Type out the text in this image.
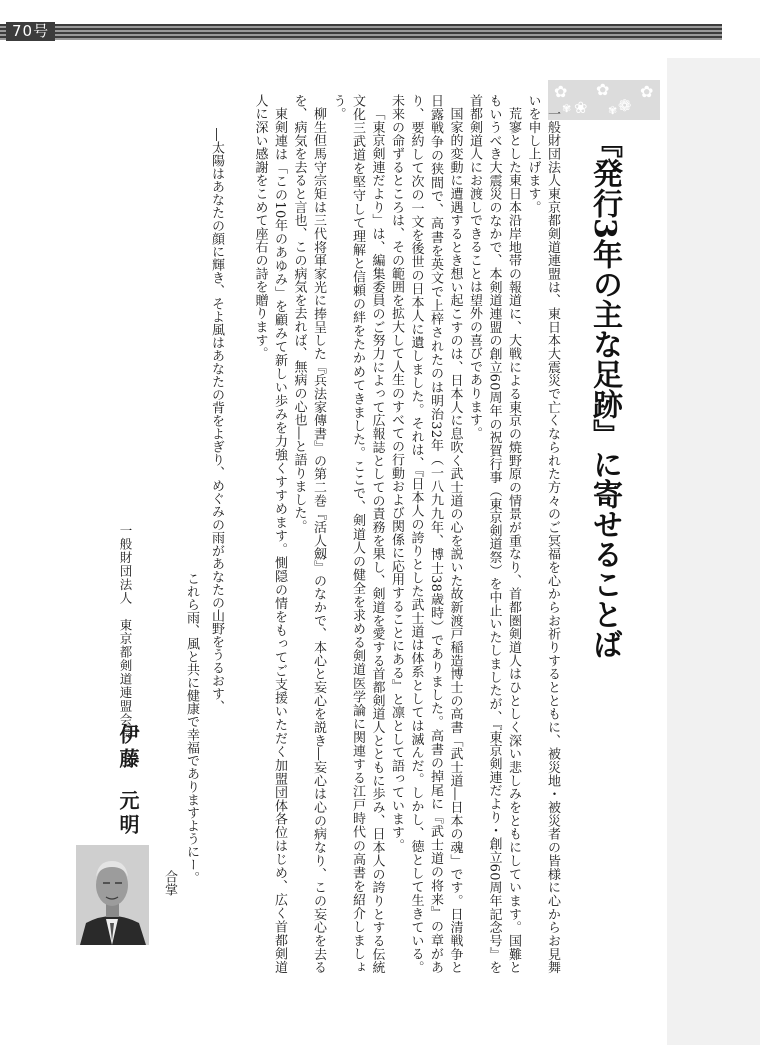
70号
✿
❀
✿
❁
✿
✾	✾
『発行3年の主な足跡』に寄せることば

一般財団法人東京都剣道連盟は、東日本大震災で亡くなられた方々のご冥福を心からお祈りするとともに、被災地・被災者の皆様に心からお見舞いを申し上げます。

荒寥とした東日本沿岸地帯の報道に、大戦による東京の焼野原の情景が重なり、首都圏剣道人はひとしく深い悲しみをともにしています。国難ともいうべき大震災のなかで、本剣道連盟の創立60周年の祝賀行事（東京剣道祭）を中止いたしましたが、『東京剣連だより・創立60周年記念号』を首都剣道人にお渡しできることは望外の喜びであります。

国家的変動に遭遇するとき想い起こすのは、日本人に息吹く武士道の心を説いた故新渡戸稲造博士の高書「武士道―日本の魂」です。日清戦争と日露戦争の狭間で、高書を英文で上梓されたのは明治32年（一八九九年、博士38歳時）でありました。高書の掉尾に『武士道の将来』の章があり、要約して次の一文を後世の日本人に遺しました。それは、『日本人の誇りとした武士道は体系としては滅んだ。しかし、徳として生きている。未来の命ずるところは、その範囲を拡大して人生のすべての行動および関係に応用することにある』と凛として語っています。

「東京剣連だより」は、編集委員のご努力によって広報誌としての責務を果し、剣道を愛する首都剣道人とともに歩み、日本人の誇りとする伝統文化三武道を堅守して理解と信頼の絆をたかめてきました。ここで、剣道人の健全を求める剣道医学論に関連する江戸時代の高書を紹介しましょう。

柳生但馬守宗矩は三代将軍家光に捧呈した『兵法家傳書』の第二巻『活人劔』のなかで、本心と妄心を説き―妄心は心の病なり、この妄心を去るを、病気を去ると言也、この病気を去れば、無病の心也―と語りました。

東剣連は「この10年のあゆみ」を顧みて新しい歩みを力強くすすめます。惻隠の情をもってご支援いただく加盟団体各位はじめ、広く首都剣道人に深い感謝をこめて座右の詩を贈ります。

―太陽はあなたの顔に輝き、そよ風はあなたの背をよぎり、めぐみの雨があなたの山野をうるおす、
これら雨、風と共に健康で幸福でありますようにー。
合掌
一般財団法人　東京都剣道連盟会長
伊藤
元明
